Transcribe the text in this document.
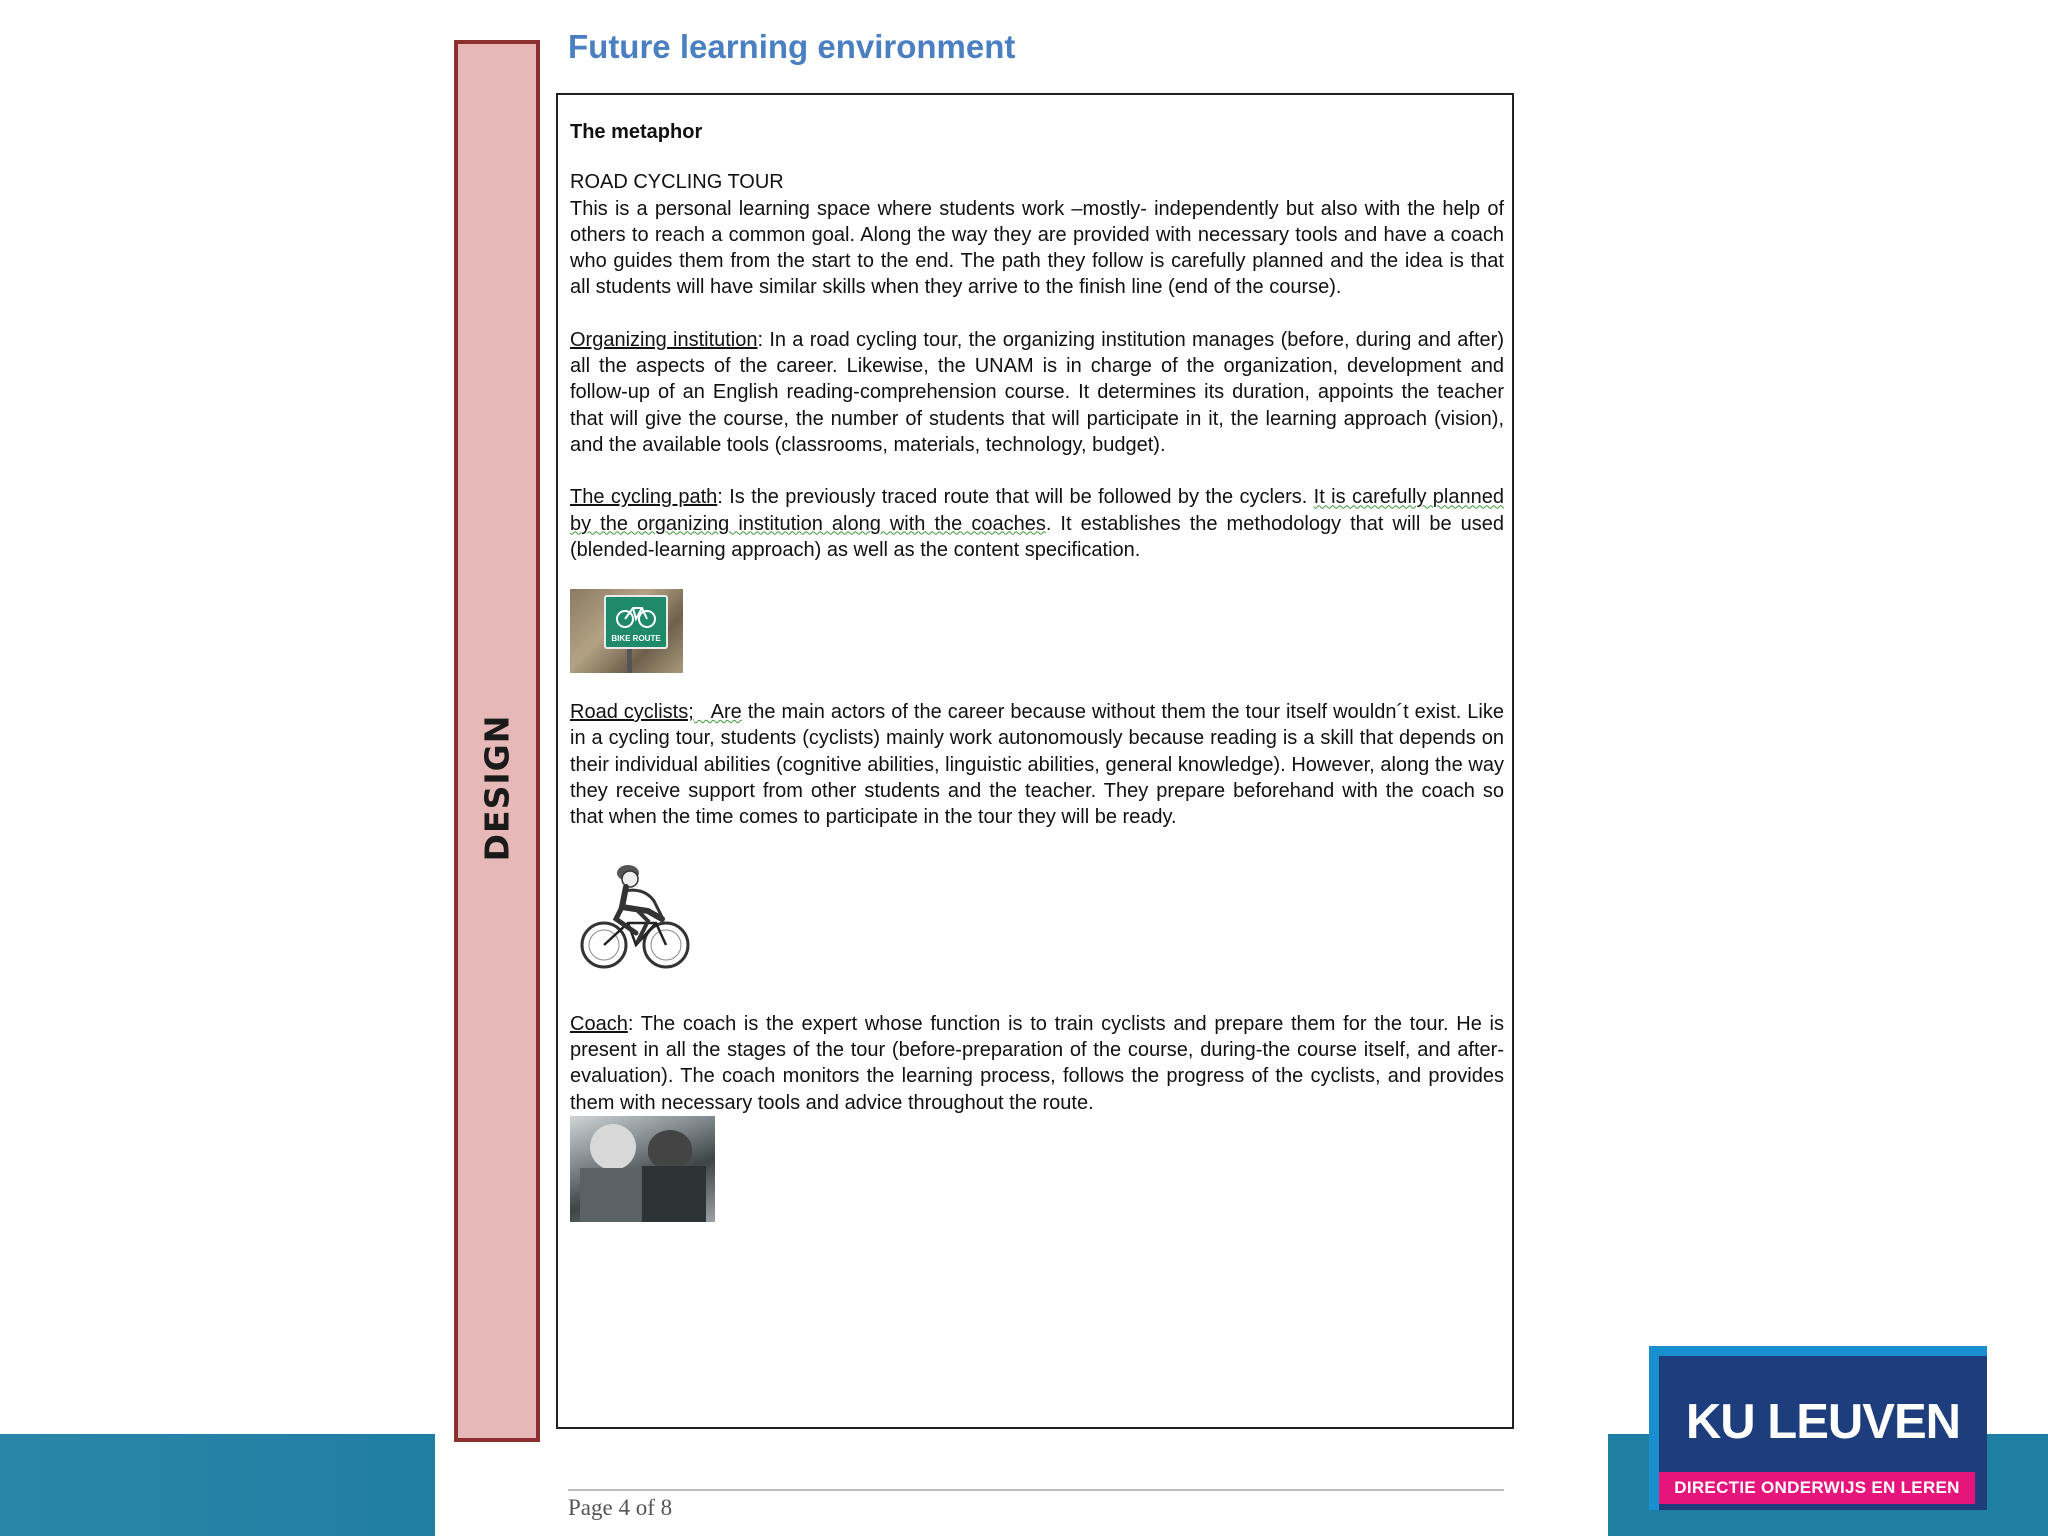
DESIGN
Future learning environment

The metaphor

ROAD CYCLING TOUR

This is a personal learning space where students work –mostly- independently but also with the help of others to reach a common goal. Along the way they are provided with necessary tools and have a coach who guides them from the start to the end. The path they follow is carefully planned and the idea is that all students will have similar skills when they arrive to the finish line (end of the course).

Organizing institution: In a road cycling tour, the organizing institution manages (before, during and after) all the aspects of the career. Likewise, the UNAM is in charge of the organization, development and follow-up of an English reading-comprehension course. It determines its duration, appoints the teacher that will give the course, the number of students that will participate in it, the learning approach (vision), and the available tools (classrooms, materials, technology, budget).

The cycling path: Is the previously traced route that will be followed by the cyclers. It is carefully planned by the organizing institution along with the coaches. It establishes the methodology that will be used (blended-learning approach) as well as the content specification.

BIKE ROUTE

Road cyclists;   Are the main actors of the career because without them the tour itself wouldn´t exist. Like in a cycling tour, students (cyclists) mainly work autonomously because reading is a skill that depends on their individual abilities (cognitive abilities, linguistic abilities, general knowledge). However, along the way they receive support from other students and the teacher. They prepare beforehand with the coach so that when the time comes to participate in the tour they will be ready.

Coach: The coach is the expert whose function is to train cyclists and prepare them for the tour. He is present in all the stages of the tour (before-preparation of the course, during-the course itself, and after-evaluation). The coach monitors the learning process, follows the progress of the cyclists, and provides them with necessary tools and advice throughout the route.

Page 4 of 8
KU LEUVEN
DIRECTIE ONDERWIJS EN LEREN
